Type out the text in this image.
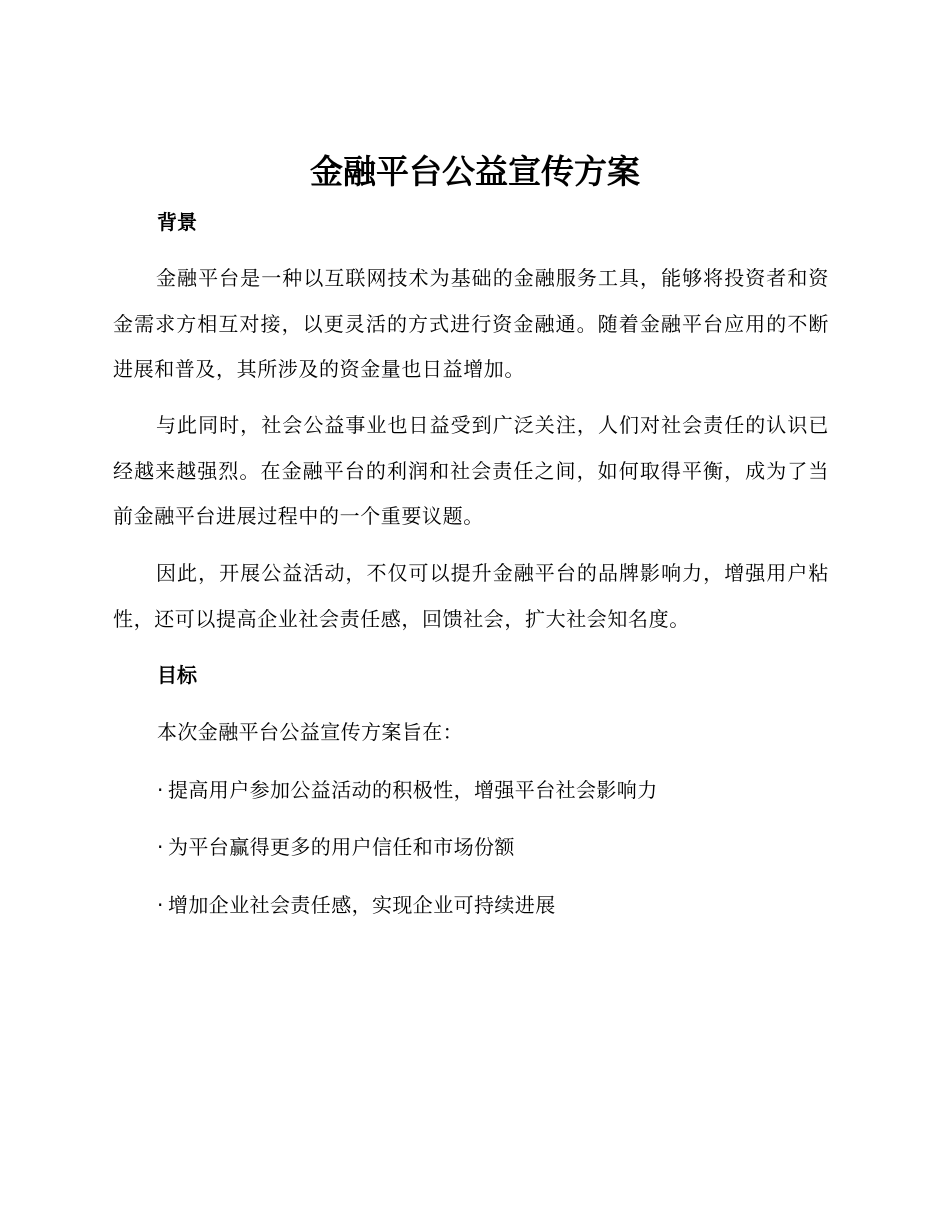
金融平台公益宣传方案
背景

金融平台是一种以互联网技术为基础的金融服务工具，能够将投资者和资金需求方相互对接，以更灵活的方式进行资金融通。随着金融平台应用的不断进展和普及，其所涉及的资金量也日益增加。

与此同时，社会公益事业也日益受到广泛关注，人们对社会责任的认识已经越来越强烈。在金融平台的利润和社会责任之间，如何取得平衡，成为了当前金融平台进展过程中的一个重要议题。

因此，开展公益活动，不仅可以提升金融平台的品牌影响力，增强用户粘性，还可以提高企业社会责任感，回馈社会，扩大社会知名度。

目标
本次金融平台公益宣传方案旨在：
· 提高用户参加公益活动的积极性，增强平台社会影响力
· 为平台赢得更多的用户信任和市场份额
· 增加企业社会责任感，实现企业可持续进展
